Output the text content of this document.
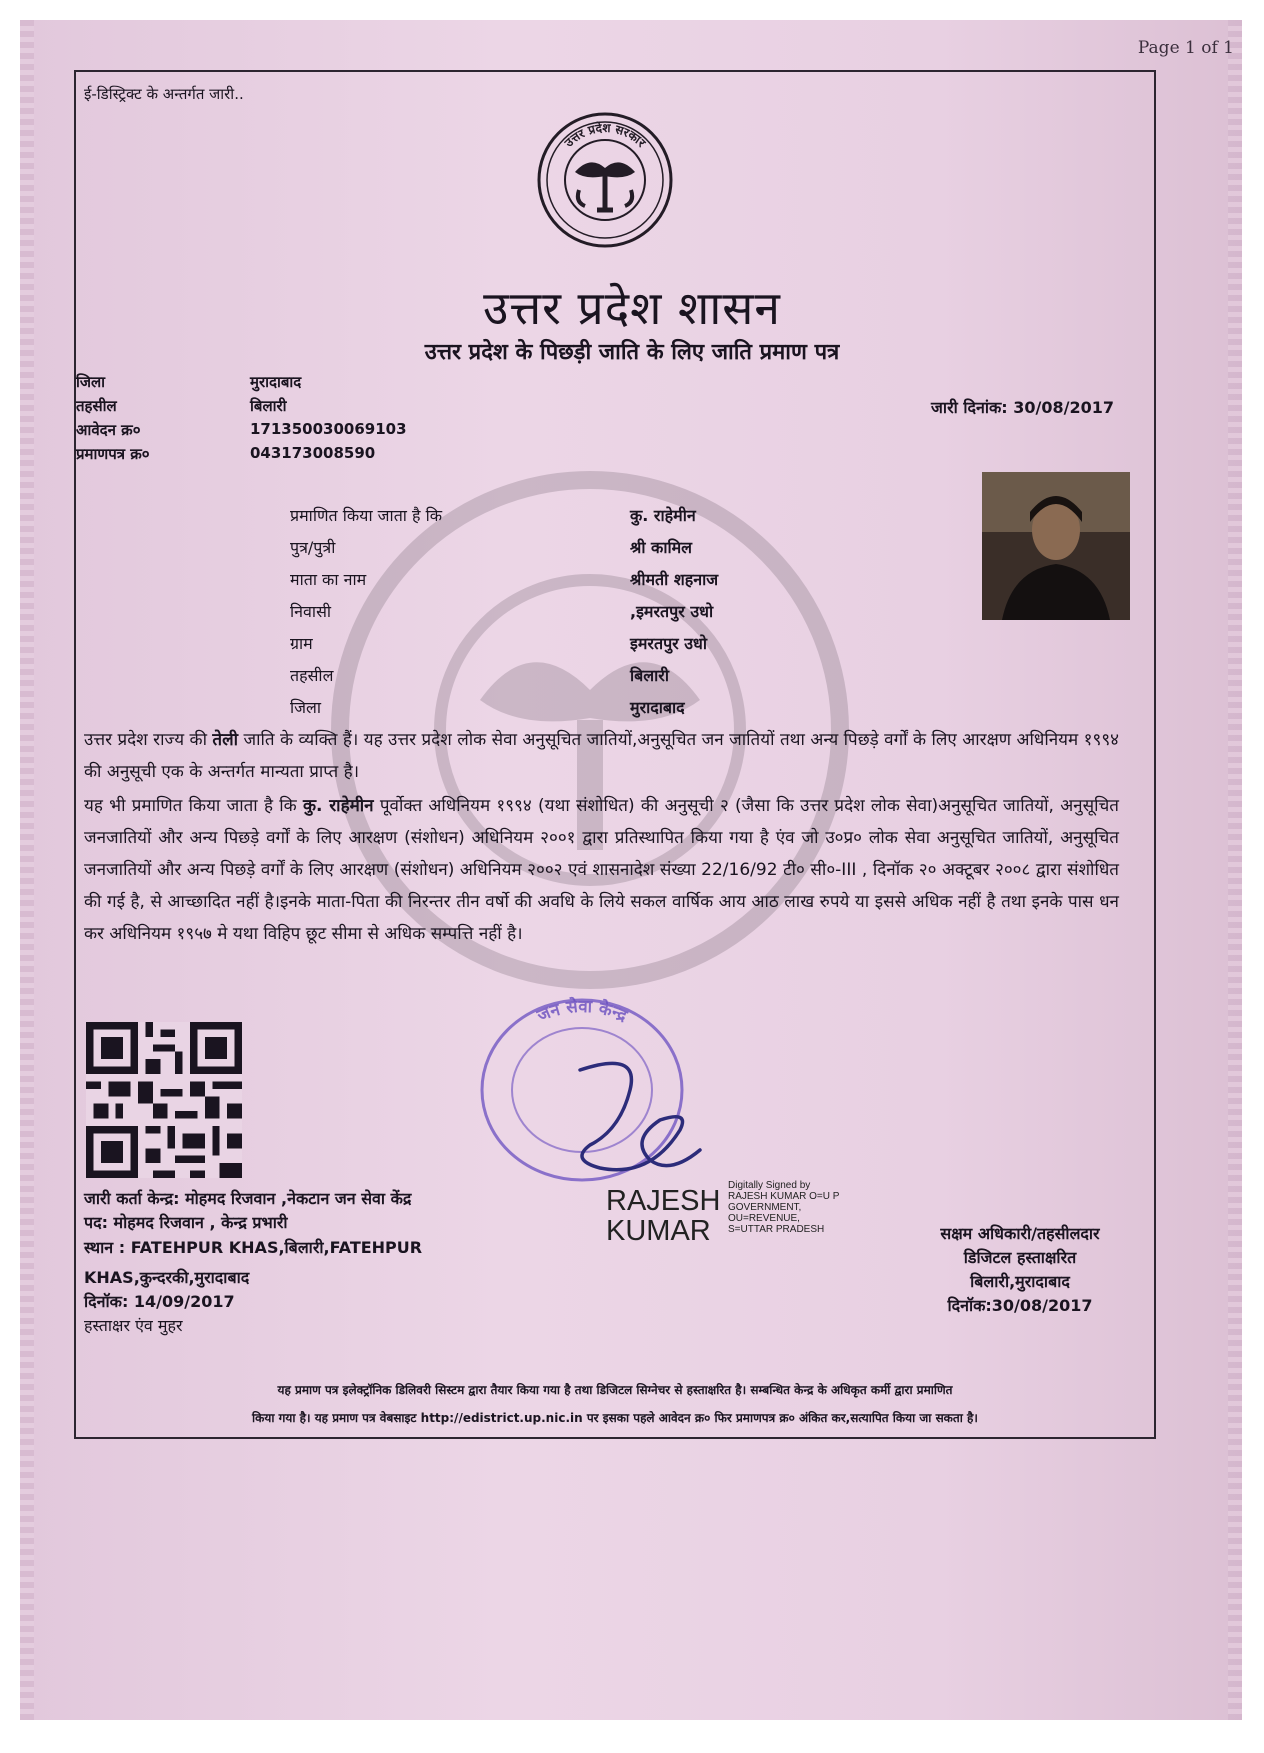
Page 1 of 1
ई-डिस्ट्रिक्ट के अन्तर्गत जारी..
उत्तर प्रदेश सरकार
उत्तर प्रदेश शासन
उत्तर प्रदेश के पिछड़ी जाति के लिए जाति प्रमाण पत्र
जिला	मुरादाबाद
तहसील	बिलारी
आवेदन क्र०	171350030069103
प्रमाणपत्र क्र०	043173008590
जारी दिनांक: 30/08/2017
प्रमाणित किया जाता है कि	कु. राहेमीन
पुत्र/पुत्री	श्री कामिल
माता का नाम	श्रीमती शहनाज
निवासी	,इमरतपुर उधो
ग्राम	इमरतपुर उधो
तहसील	बिलारी
जिला	मुरादाबाद
उत्तर प्रदेश राज्य की तेली जाति के व्यक्ति हैं। यह उत्तर प्रदेश लोक सेवा अनुसूचित जातियों,अनुसूचित जन जातियों तथा अन्य पिछड़े वर्गों के लिए आरक्षण अधिनियम १९९४ की अनुसूची एक के अन्तर्गत मान्यता प्राप्त है।
यह भी प्रमाणित किया जाता है कि कु. राहेमीन पूर्वोक्त अधिनियम १९९४ (यथा संशोधित) की अनुसूची २ (जैसा कि उत्तर प्रदेश लोक सेवा)अनुसूचित जातियों, अनुसूचित जनजातियों और अन्य पिछड़े वर्गों के लिए आरक्षण (संशोधन) अधिनियम २००१ द्वारा प्रतिस्थापित किया गया है एंव जो उ०प्र० लोक सेवा अनुसूचित जातियों, अनुसूचित जनजातियों और अन्य पिछड़े वर्गों के लिए आरक्षण (संशोधन) अधिनियम २००२ एवं शासनादेश संख्या 22/16/92 टी० सी०-III , दिनॉक २० अक्टूबर २००८ द्वारा संशोधित की गई है, से आच्छादित नहीं है।इनके माता-पिता की निरन्तर तीन वर्षो की अवधि के लिये सकल वार्षिक आय आठ लाख रुपये या इससे अधिक नहीं है तथा इनके पास धन कर अधिनियम १९५७ मे यथा विहिप छूट सीमा से अधिक सम्पत्ति नहीं है।
जन सेवा केन्द्र
जारी कर्ता केन्द्र: मोहमद रिजवान ,नेकटान जन सेवा केंद्र
पद: मोहमद रिजवान , केन्द्र प्रभारी
स्थान : FATEHPUR KHAS,बिलारी,FATEHPUR
KHAS,कुन्दरकी,मुरादाबाद
दिनॉक: 14/09/2017
हस्ताक्षर एंव मुहर
RAJESH
KUMAR
Digitally Signed by
RAJESH KUMAR O=U P
GOVERNMENT,
OU=REVENUE,
S=UTTAR PRADESH	सक्षम अधिकारी/तहसीलदार
डिजिटल हस्ताक्षरित
बिलारी,मुरादाबाद
दिनॉक:30/08/2017
यह प्रमाण पत्र इलेक्ट्रॉनिक डिलिवरी सिस्टम द्वारा तैयार किया गया है तथा डिजिटल सिग्नेचर से हस्ताक्षरित है। सम्बन्धित केन्द्र के अधिकृत कर्मी द्वारा प्रमाणित
किया गया है। यह प्रमाण पत्र वेबसाइट http://edistrict.up.nic.in पर इसका पहले आवेदन क्र० फिर प्रमाणपत्र क्र० अंकित कर,सत्यापित किया जा सकता है।
